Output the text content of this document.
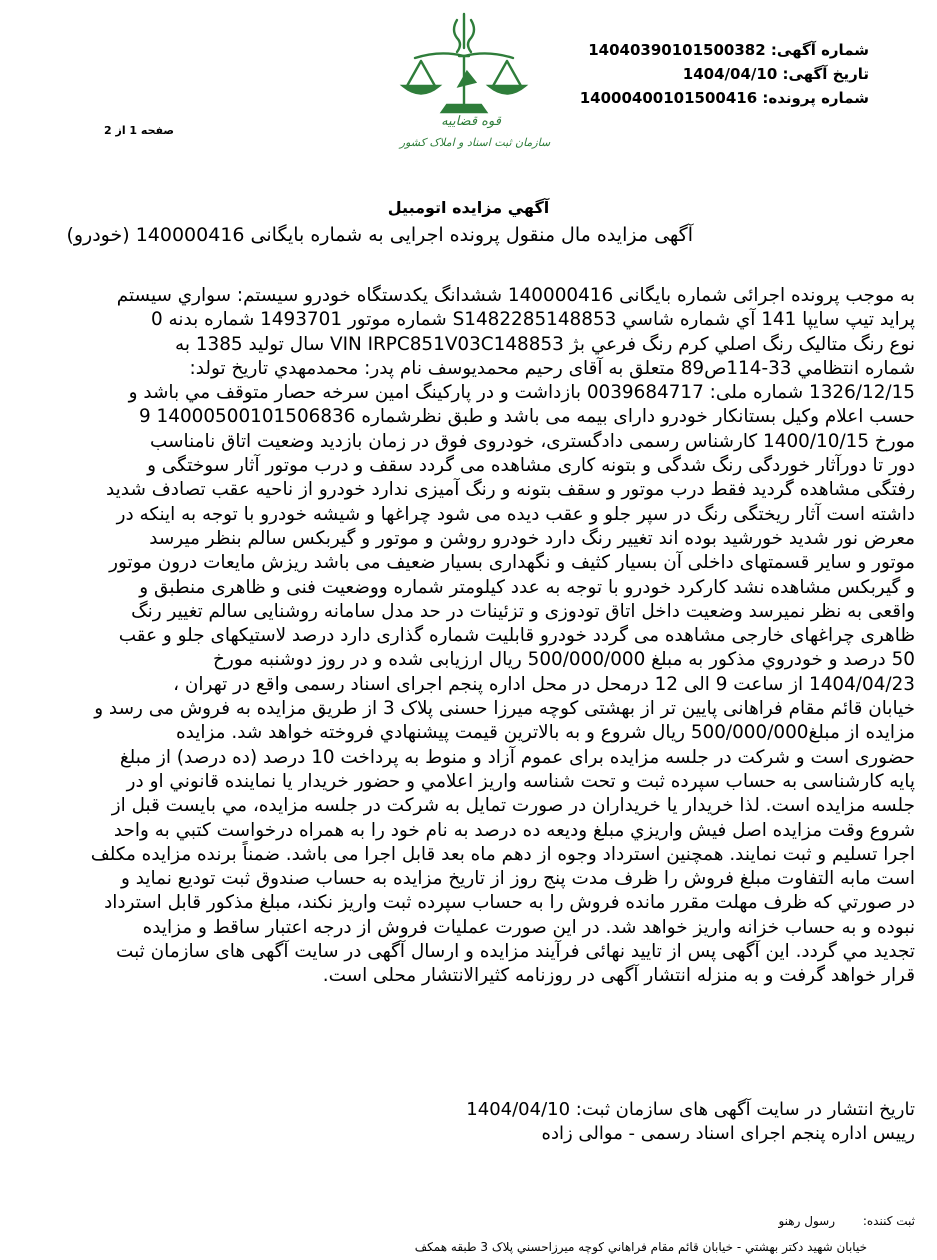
شماره آگهی: 14040390101500382
تاریخ آگهی: 1404/04/10
شماره پرونده: 14000400101500416
قوه قضاییه
سازمان ثبت اسناد و املاک کشور
صفحه 1 از 2
آگهي مزايده اتومبيل
آگهی مزایده مال منقول پرونده اجرایی به شماره بایگانی 140000416 (خودرو)
به موجب پرونده اجرائی شماره بایگانی 140000416 ششدانگ یکدستگاه خودرو سیستم: سواري سيستم
پرايد تيپ سايپا 141 آي شماره شاسي S1482285148853 شماره موتور 1493701 شماره بدنه 0
نوع رنگ متاليک رنگ اصلي کرم رنگ فرعي بژ VIN IRPC851V03C148853 سال توليد 1385 به
شماره انتظامي 33-114ص89 متعلق به آقای رحیم محمدیوسف نام پدر: محمدمهدي تاريخ تولد:
1326/12/15 شماره ملی: 0039684717 بازداشت و در پارکینگ امین سرخه حصار متوقف مي باشد و
حسب اعلام وکیل بستانکار خودرو دارای بیمه می باشد و طبق نظرشماره 14000500101506836 9
مورخ 1400/10/15 کارشناس رسمی دادگستری، خودروی فوق در زمان بازدید وضعیت اتاق نامناسب
دور تا دورآثار خوردگی رنگ شدگی و بتونه کاری مشاهده می گردد سقف و درب موتور آثار سوختگی و
رفتگی مشاهده گردید فقط درب موتور و سقف بتونه و رنگ آمیزی ندارد خودرو از ناحیه عقب تصادف شدید
داشته است آثار ریختگی رنگ در سپر جلو و عقب دیده می شود چراغها و شیشه خودرو با توجه به اینکه در
معرض نور شدید خورشید بوده اند تغییر رنگ دارد خودرو روشن و موتور و گیربکس سالم بنظر میرسد
موتور و سایر قسمتهای داخلی آن بسیار کثیف و نگهداری بسیار ضعیف می باشد ریزش مایعات درون موتور
و گیربکس مشاهده نشد کارکرد خودرو با توجه به عدد کیلومتر شماره ووضعیت فنی و ظاهری منطبق و
واقعی به نظر نمیرسد وضعیت داخل اتاق تودوزی و تزئینات در حد مدل سامانه روشنایی سالم تغییر رنگ
ظاهری چراغهای خارجی مشاهده می گردد خودرو قابلیت شماره گذاری دارد درصد لاستیکهای جلو و عقب
50 درصد و خودروي مذکور به مبلغ 500/000/000 ريال ارزيابی شده و در روز دوشنبه مورخ
1404/04/23 از ساعت 9 الی 12 درمحل در محل اداره پنجم اجرای اسناد رسمی واقع در تهران ،
خیابان قائم مقام فراهانی پایین تر از بهشتی کوچه میرزا حسنی پلاک 3 از طریق مزایده به فروش می رسد و
مزايده از مبلغ500/000/000 ريال شروع و به بالاترين قيمت پيشنهادي فروخته خواهد شد. مزایده
حضوری است و شرکت در جلسه مزایده برای عموم آزاد و منوط به پرداخت 10 درصد (ده درصد) از مبلغ
پایه کارشناسی به حساب سپرده ثبت و تحت شناسه واریز اعلامي و حضور خريدار يا نماينده قانوني او در
جلسه مزايده است. لذا خريدار يا خريداران در صورت تمايل به شرکت در جلسه مزايده، مي بايست قبل از
شروع وقت مزايده اصل فيش واريزي مبلغ وديعه ده درصد به نام خود را به همراه درخواست کتبي به واحد
اجرا تسليم و ثبت نمايند. همچنين استرداد وجوه از دهم ماه بعد قابل اجرا می باشد. ضمناً برنده مزايده مکلف
است مابه التفاوت مبلغ فروش را ظرف مدت پنج روز از تاريخ مزايده به حساب صندوق ثبت توديع نمايد و
در صورتي که ظرف مهلت مقرر مانده فروش را به حساب سپرده ثبت واريز نکند، مبلغ مذکور قابل استرداد
نبوده و به حساب خزانه واريز خواهد شد. در اين صورت عمليات فروش از درجه اعتبار ساقط و مزايده
تجديد مي گردد. این آگهی پس از تایید نهائی فرآیند مزایده و ارسال آگهی در سایت آگهی های سازمان ثبت
قرار خواهد گرفت و به منزله انتشار آگهی در روزنامه کثیرالانتشار محلی است.
تاريخ انتشار در سايت آگهی های سازمان ثبت: 1404/04/10
رييس اداره پنجم اجرای اسناد رسمی - موالی زاده
ثبت كننده: رسول رهنو
خيابان شهيد دکتر بهشتي - خيابان قائم مقام فراهاني کوچه ميرزاحسني پلاک 3 طبقه همکف
